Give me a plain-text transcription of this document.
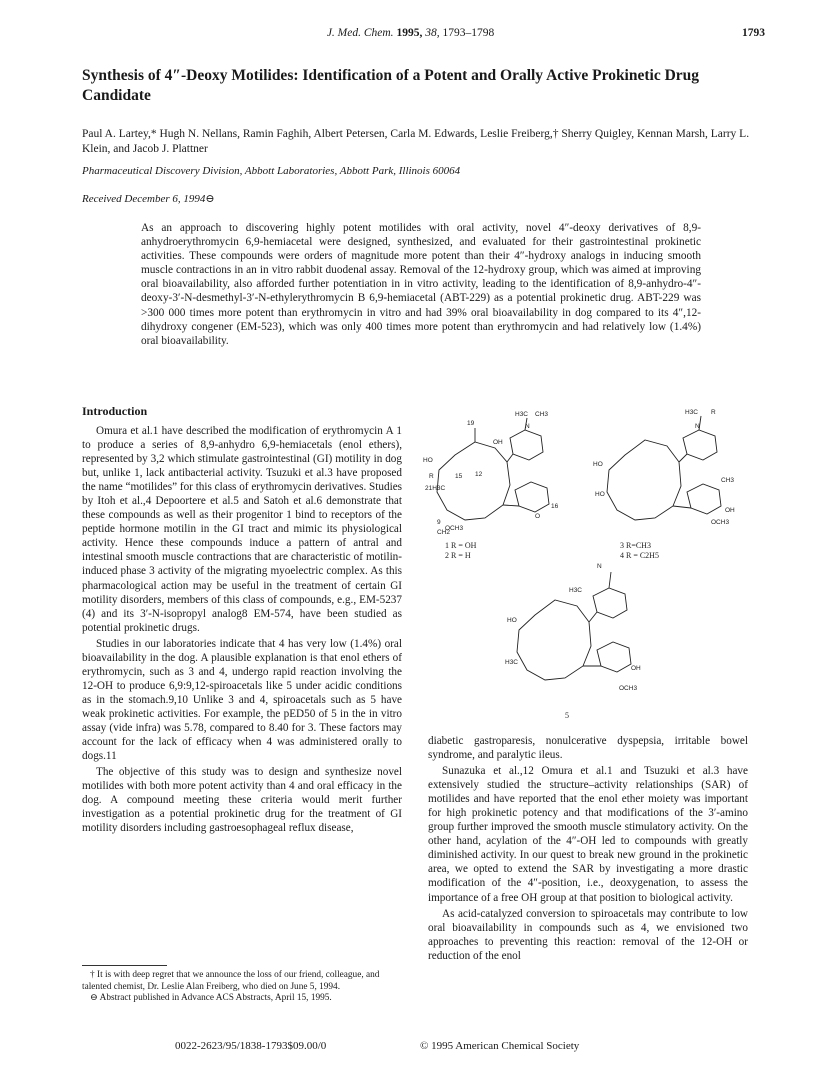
J. Med. Chem. 1995, 38, 1793–1798	1793
Synthesis of 4″-Deoxy Motilides: Identification of a Potent and Orally Active Prokinetic Drug Candidate
Paul A. Lartey,* Hugh N. Nellans, Ramin Faghih, Albert Petersen, Carla M. Edwards, Leslie Freiberg,† Sherry Quigley, Kennan Marsh, Larry L. Klein, and Jacob J. Plattner
Pharmaceutical Discovery Division, Abbott Laboratories, Abbott Park, Illinois 60064
Received December 6, 1994⊖
As an approach to discovering highly potent motilides with oral activity, novel 4″-deoxy derivatives of 8,9-anhydroerythromycin 6,9-hemiacetal were designed, synthesized, and evaluated for their gastrointestinal prokinetic activities. These compounds were orders of magnitude more potent than their 4″-hydroxy analogs in inducing smooth muscle contractions in an in vitro rabbit duodenal assay. Removal of the 12-hydroxy group, which was aimed at improving oral bioavailability, also afforded further potentiation in in vitro activity, leading to the identification of 8,9-anhydro-4″-deoxy-3′-N-desmethyl-3′-N-ethylerythromycin B 6,9-hemiacetal (ABT-229) as a potential prokinetic drug. ABT-229 was >300 000 times more potent than erythromycin in vitro and had 39% oral bioavailability in dog compared to its 4″,12-dihydroxy congener (EM-523), which was only 400 times more potent than erythromycin and had relatively low (1.4%) oral bioavailability.
Introduction

Omura et al.1 have described the modification of erythromycin A 1 to produce a series of 8,9-anhydro 6,9-hemiacetals (enol ethers), represented by 3,2 which stimulate gastrointestinal (GI) motility in dog but, unlike 1, lack antibacterial activity. Tsuzuki et al.3 have proposed the name “motilides” for this class of erythromycin derivatives. Studies by Itoh et al.,4 Depoortere et al.5 and Satoh et al.6 demonstrate that these compounds as well as their progenitor 1 bind to receptors of the peptide hormone motilin in the GI tract and mimic its physiological activity. Hence these compounds induce a pattern of antral and intestinal smooth muscle contractions that are characteristic of motilin-induced phase 3 activity of the migrating myoelectric complex. As this pharmacological action may be useful in the treatment of certain GI motility disorders, members of this class of compounds, e.g., EM-5237 (4) and its 3′-N-isopropyl analog8 EM-574, have been studied as potential prokinetic drugs.

Studies in our laboratories indicate that 4 has very low (1.4%) oral bioavailability in the dog. A plausible explanation is that enol ethers of erythromycin, such as 3 and 4, undergo rapid reaction involving the 12-OH to produce 6,9:9,12-spiroacetals like 5 under acidic conditions as in the stomach.9,10 Unlike 3 and 4, spiroacetals such as 5 have weak prokinetic activities. For example, the pED50 of 5 in the in vitro assay (vide infra) was 5.78, compared to 8.40 for 3. These factors may account for the lack of efficacy when 4 was administered orally to dogs.11

The objective of this study was to design and synthesize novel motilides with both more potent activity than 4 and oral efficacy in the dog. A compound meeting these criteria would merit further investigation as a potential prokinetic drug for the treatment of GI motility disorders including gastroesophageal reflux disease,

19
H3C CH3
N
HO
OH
21H3C
R	12
15
OCH3
CH2
O
9
16
H3C R
N
HO
HO
CH3
OH
OCH3
H3C
N
HO
H3C
OH
OCH3
1 R = OH
2 R = H
3 R=CH3
4 R = C2H5
5

diabetic gastroparesis, nonulcerative dyspepsia, irritable bowel syndrome, and paralytic ileus.

Sunazuka et al.,12 Omura et al.1 and Tsuzuki et al.3 have extensively studied the structure–activity relationships (SAR) of motilides and have reported that the enol ether moiety was important for high prokinetic potency and that modifications of the 3′-amino group further improved the smooth muscle stimulatory activity. On the other hand, acylation of the 4″-OH led to compounds with greatly diminished activity. In our quest to break new ground in the prokinetic area, we opted to extend the SAR by investigating a more drastic modification of the 4″-position, i.e., deoxygenation, to assess the importance of a free OH group at that position to biological activity.

As acid-catalyzed conversion to spiroacetals may contribute to low oral bioavailability in compounds such as 4, we envisioned two approaches to preventing this reaction: removal of the 12-OH or reduction of the enol

† It is with deep regret that we announce the loss of our friend, colleague, and talented chemist, Dr. Leslie Alan Freiberg, who died on June 5, 1994.

⊖ Abstract published in Advance ACS Abstracts, April 15, 1995.

0022-2623/95/1838-1793$09.00/0	© 1995 American Chemical Society
